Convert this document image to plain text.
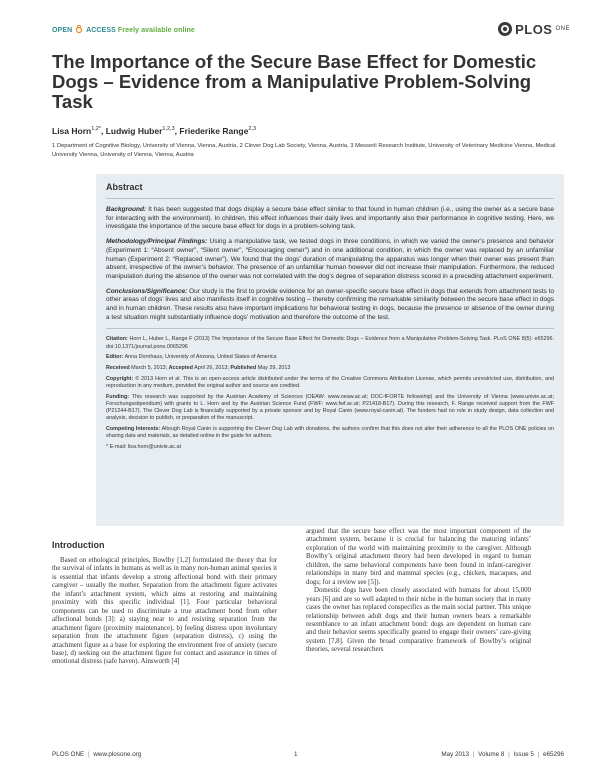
OPEN ACCESS Freely available online	PLOS ONE
The Importance of the Secure Base Effect for Domestic Dogs – Evidence from a Manipulative Problem-Solving Task
Lisa Horn$^{1,2*}$, Ludwig Huber$^{1,2,3}$, Friederike Range$^{2,3}$
1 Department of Cognitive Biology, University of Vienna, Vienna, Austria, 2 Clever Dog Lab Society, Vienna, Austria, 3 Messerli Research Institute, University of Veterinary Medicine Vienna, Medical University Vienna, University of Vienna, Vienna, Austria
Abstract

Background: It has been suggested that dogs display a secure base effect similar to that found in human children (i.e., using the owner as a secure base for interacting with the environment). In children, this effect influences their daily lives and importantly also their performance in cognitive testing. Here, we investigate the importance of the secure base effect for dogs in a problem-solving task.

Methodology/Principal Findings: Using a manipulative task, we tested dogs in three conditions, in which we varied the owner’s presence and behavior (Experiment 1: “Absent owner”, “Silent owner”, “Encouraging owner”) and in one additional condition, in which the owner was replaced by an unfamiliar human (Experiment 2: “Replaced owner”). We found that the dogs’ duration of manipulating the apparatus was longer when their owner was present than absent, irrespective of the owner’s behavior. The presence of an unfamiliar human however did not increase their manipulation. Furthermore, the reduced manipulation during the absence of the owner was not correlated with the dog’s degree of separation distress scored in a preceding attachment experiment.

Conclusions/Significance: Our study is the first to provide evidence for an owner-specific secure base effect in dogs that extends from attachment tests to other areas of dogs’ lives and also manifests itself in cognitive testing – thereby confirming the remarkable similarity between the secure base effect in dogs and in human children. These results also have important implications for behavioral testing in dogs, because the presence or absence of the owner during a test situation might substantially influence dogs’ motivation and therefore the outcome of the test.

Citation: Horn L, Huber L, Range F (2013) The Importance of the Secure Base Effect for Domestic Dogs – Evidence from a Manipulative Problem-Solving Task. PLoS ONE 8(5): e65296. doi:10.1371/journal.pone.0065296

Editor: Anna Dornhaus, University of Arizona, United States of America

Received March 5, 2013; Accepted April 26, 2013; Published May 29, 2013

Copyright: © 2013 Horn et al. This is an open-access article distributed under the terms of the Creative Commons Attribution License, which permits unrestricted use, distribution, and reproduction in any medium, provided the original author and source are credited.

Funding: This research was supported by the Austrian Academy of Sciences (OEAW: www.oeaw.ac.at; DOC-fFORTE fellowship) and the University of Vienna (www.univie.ac.at; Forschungsstipendium) with grants to L. Horn and by the Austrian Science Fund (FWF: www.fwf.ac.at; P21418-B17). During this research, F. Range received support from the FWF (P21244-B17). The Clever Dog Lab is financially supported by a private sponsor and by Royal Canin (www.royal-canin.at). The funders had no role in study design, data collection and analysis, decision to publish, or preparation of the manuscript.

Competing Interests: Altough Royal Canin is supporting the Clever Dog Lab with donations, the authors confirm that this does not alter their adherence to all the PLOS ONE policies on sharing data and materials, as detailed online in the guide for authors.

* E-mail: lisa.horn@univie.ac.at

Introduction

Based on ethological principles, Bowlby [1,2] formulated the theory that for the survival of infants in humans as well as in many non-human animal species it is essential that infants develop a strong affectional bond with their primary caregiver – usually the mother. Separation from the attachment figure activates the infant’s attachment system, which aims at restoring and maintaining proximity with this specific individual [1]. Four particular behavioral components can be used to discriminate a true attachment bond from other affectional bonds [3]: a) staying near to and resisting separation from the attachment figure (proximity maintenance), b) feeling distress upon involuntary separation from the attachment figure (separation distress), c) using the attachment figure as a base for exploring the environment free of anxiety (secure base), d) seeking out the attachment figure for contact and assurance in times of emotional distress (safe haven). Ainsworth [4]

argued that the secure base effect was the most important component of the attachment system, because it is crucial for balancing the maturing infants’ exploration of the world with maintaining proximity to the caregiver. Although Bowlby’s original attachment theory had been developed in regard to human children, the same behavioral components have been found in infant-caregiver relationships in many bird and mammal species (e.g., chicken, macaques, and dogs; for a review see [5]).

Domestic dogs have been closely associated with humans for about 15,000 years [6] and are so well adapted to their niche in the human society that in many cases the owner has replaced conspecifics as the main social partner. This unique relationship between adult dogs and their human owners bears a remarkable resemblance to an infant attachment bond: dogs are dependent on human care and their behavior seems specifically geared to engage their owners’ care-giving system [7,8]. Given the broad comparative framework of Bowlby’s original theories, several researchers

PLOS ONE | www.plosone.org	1	May 2013 | Volume 8 | Issue 5 | e65296
